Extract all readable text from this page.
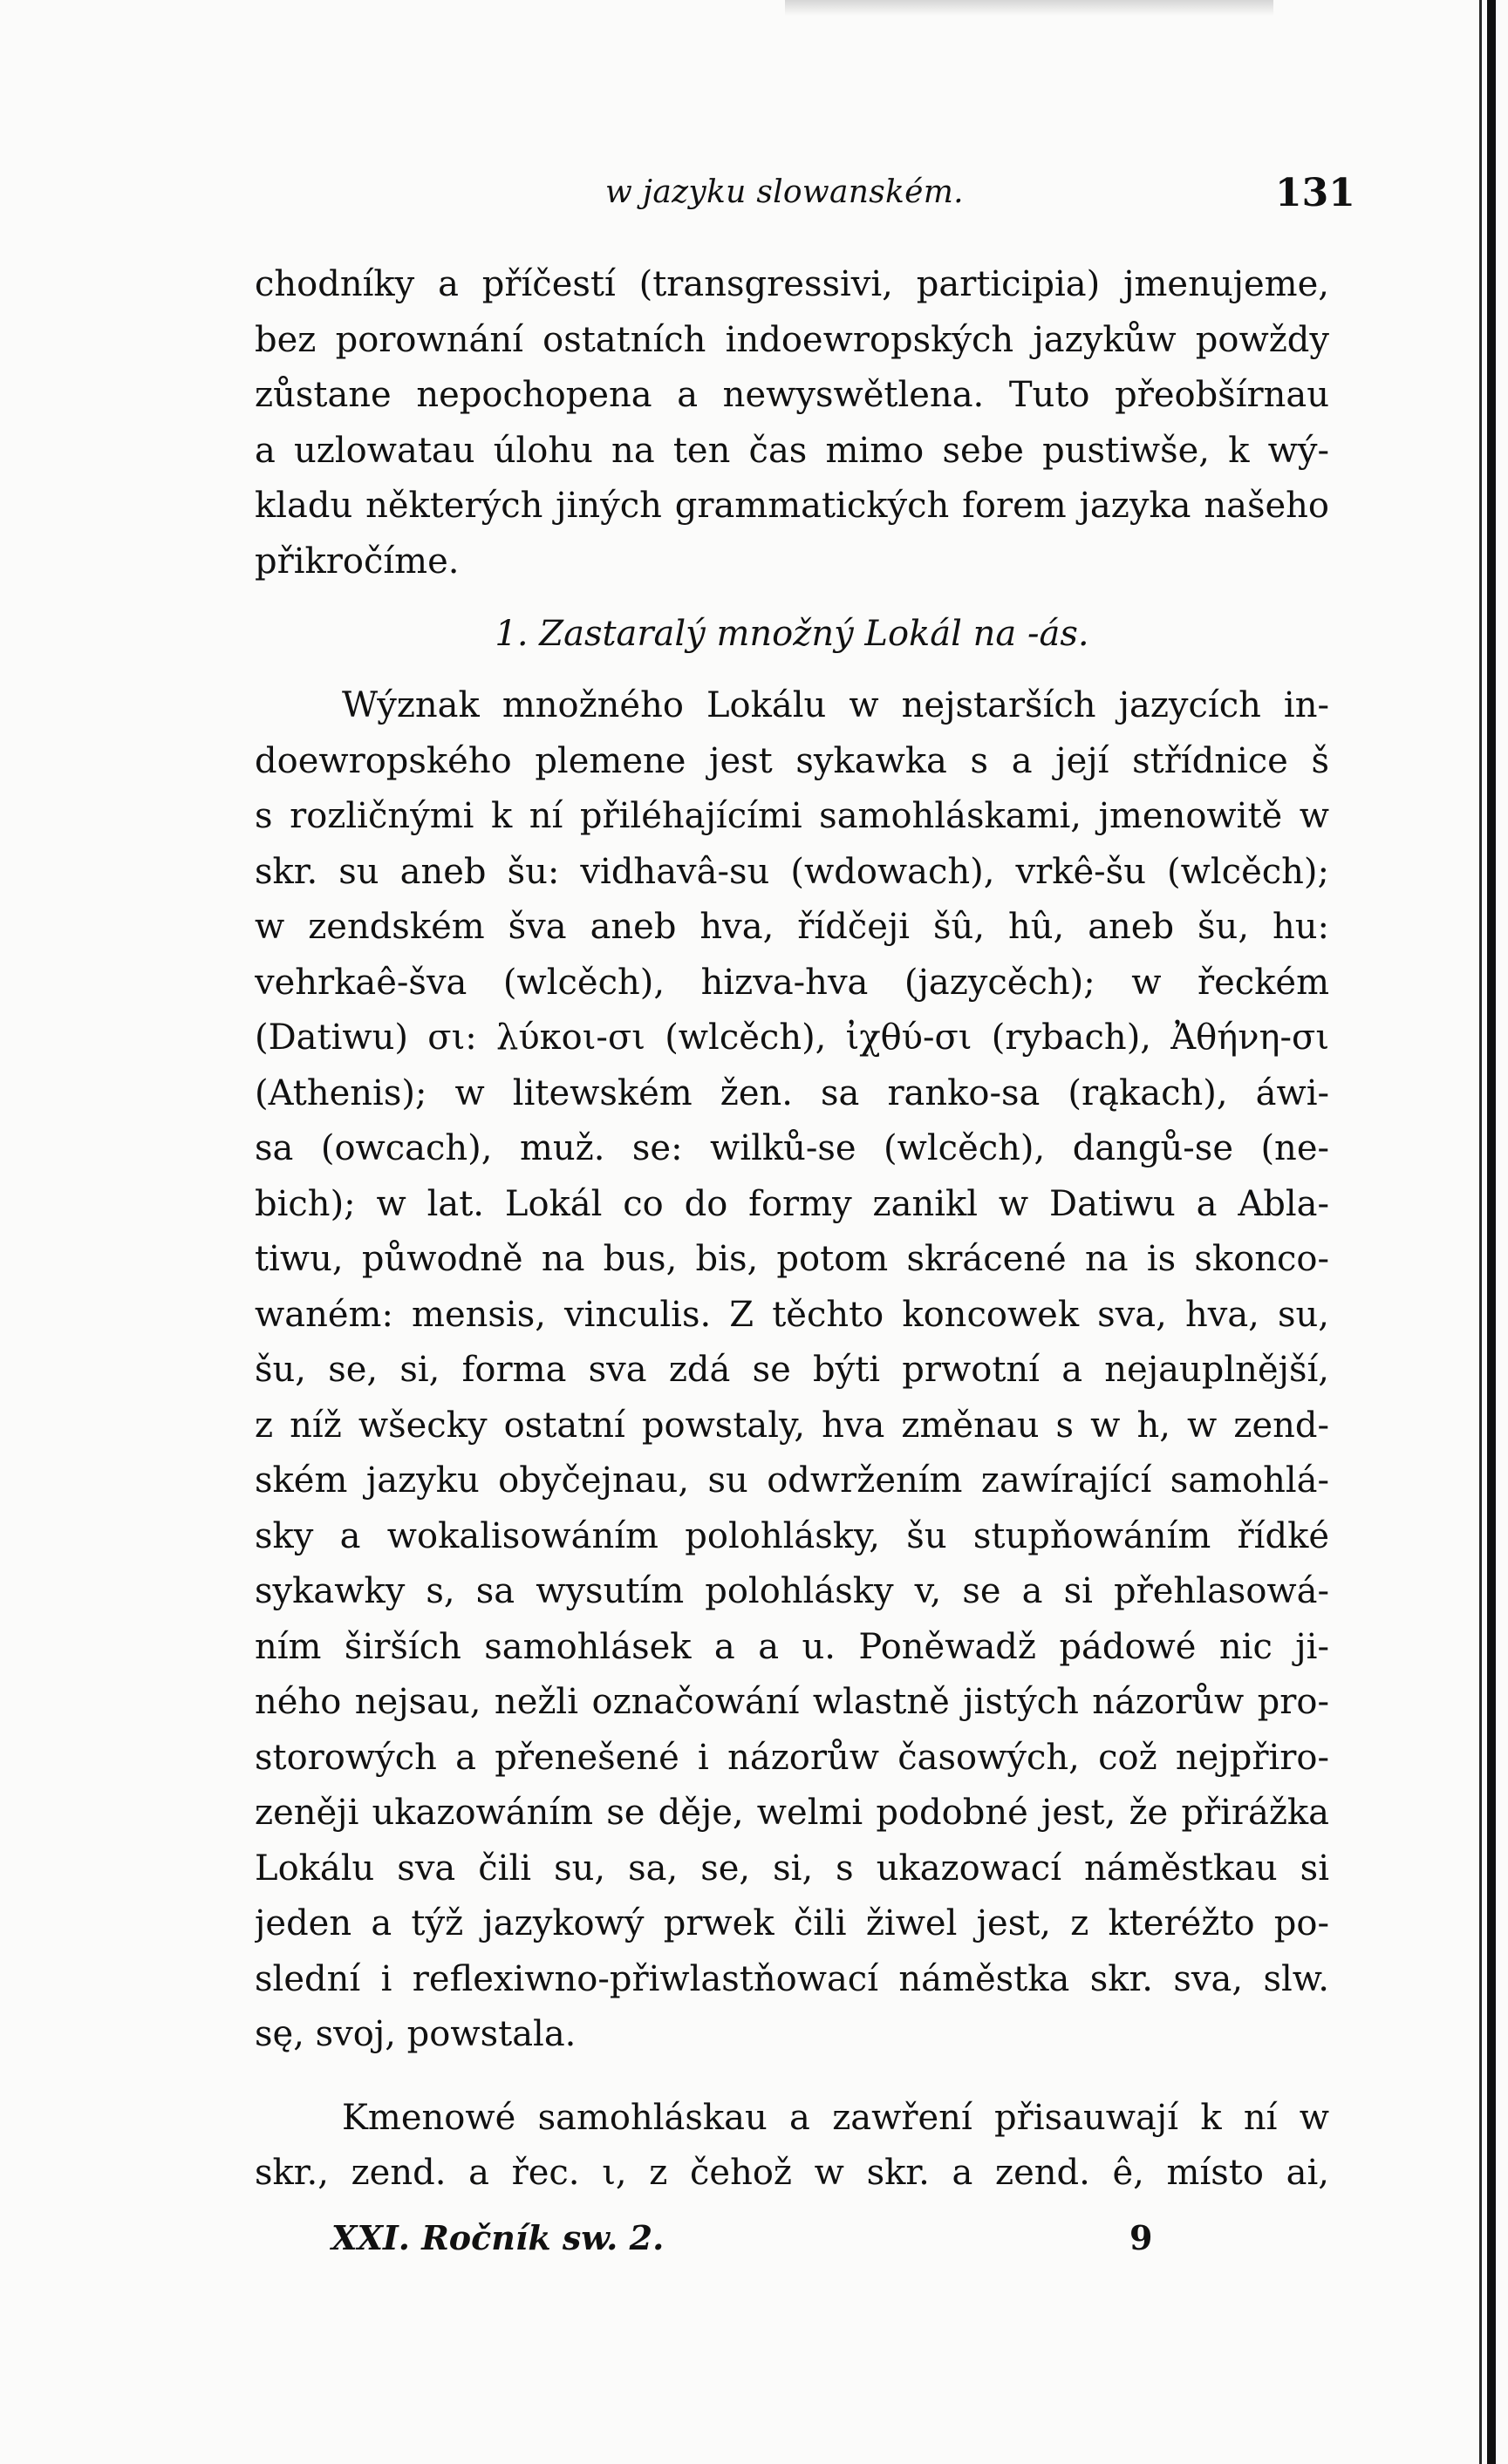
w jazyku slowanském.	131
chodníky a příčestí (transgressivi, participia) jmenujeme,
bez porownání ostatních indoewropských jazykůw powždy
zůstane nepochopena a newyswětlena. Tuto přeobšírnau
a uzlowatau úlohu na ten čas mimo sebe pustiwše, k wý-
kladu některých jiných grammatických forem jazyka našeho
přikročíme.
1. Zastaralý množný Lokál na -ás.
Wýznak množného Lokálu w nejstarších jazycích in-
doewropského plemene jest sykawka s a její střídnice š
s rozličnými k ní přiléhajícími samohláskami, jmenowitě w
skr. su aneb šu: vidhavâ-su (wdowach), vrkê-šu (wlcěch);
w zendském šva aneb hva, řídčeji šû, hû, aneb šu, hu:
vehrkaê-šva (wlcěch), hizva-hva (jazycěch); w řeckém
(Datiwu) σι: λύκοι-σι (wlcěch), ἰχθύ-σι (rybach), Ἀθήνη-σι
(Athenis); w litewském žen. sa ranko-sa (rąkach), áwi-
sa (owcach), muž. se: wilků-se (wlcěch), dangů-se (ne-
bich); w lat. Lokál co do formy zanikl w Datiwu a Abla-
tiwu, půwodně na bus, bis, potom skrácené na is skonco-
waném: mensis, vinculis. Z těchto koncowek sva, hva, su,
šu, se, si, forma sva zdá se býti prwotní a nejauplnější,
z níž wšecky ostatní powstaly, hva změnau s w h, w zend-
ském jazyku obyčejnau, su odwržením zawírající samohlá-
sky a wokalisowáním polohlásky, šu stupňowáním řídké
sykawky s, sa wysutím polohlásky v, se a si přehlasowá-
ním širších samohlásek a a u. Poněwadž pádowé nic ji-
ného nejsau, nežli označowání wlastně jistých názorůw pro-
storowých a přenešené i názorůw časowých, což nejpřiro-
zeněji ukazowáním se děje, welmi podobné jest, že přirážka
Lokálu sva čili su, sa, se, si, s ukazowací náměstkau si
jeden a týž jazykowý prwek čili žiwel jest, z kteréžto po-
slední i reflexiwno-přiwlastňowací náměstka skr. sva, slw.
sę, svoj, powstala.
Kmenowé samohláskau a zawření přisauwají k ní w
skr., zend. a řec. ι, z čehož w skr. a zend. ê, místo ai,
XXI. Ročník sw. 2.	9
